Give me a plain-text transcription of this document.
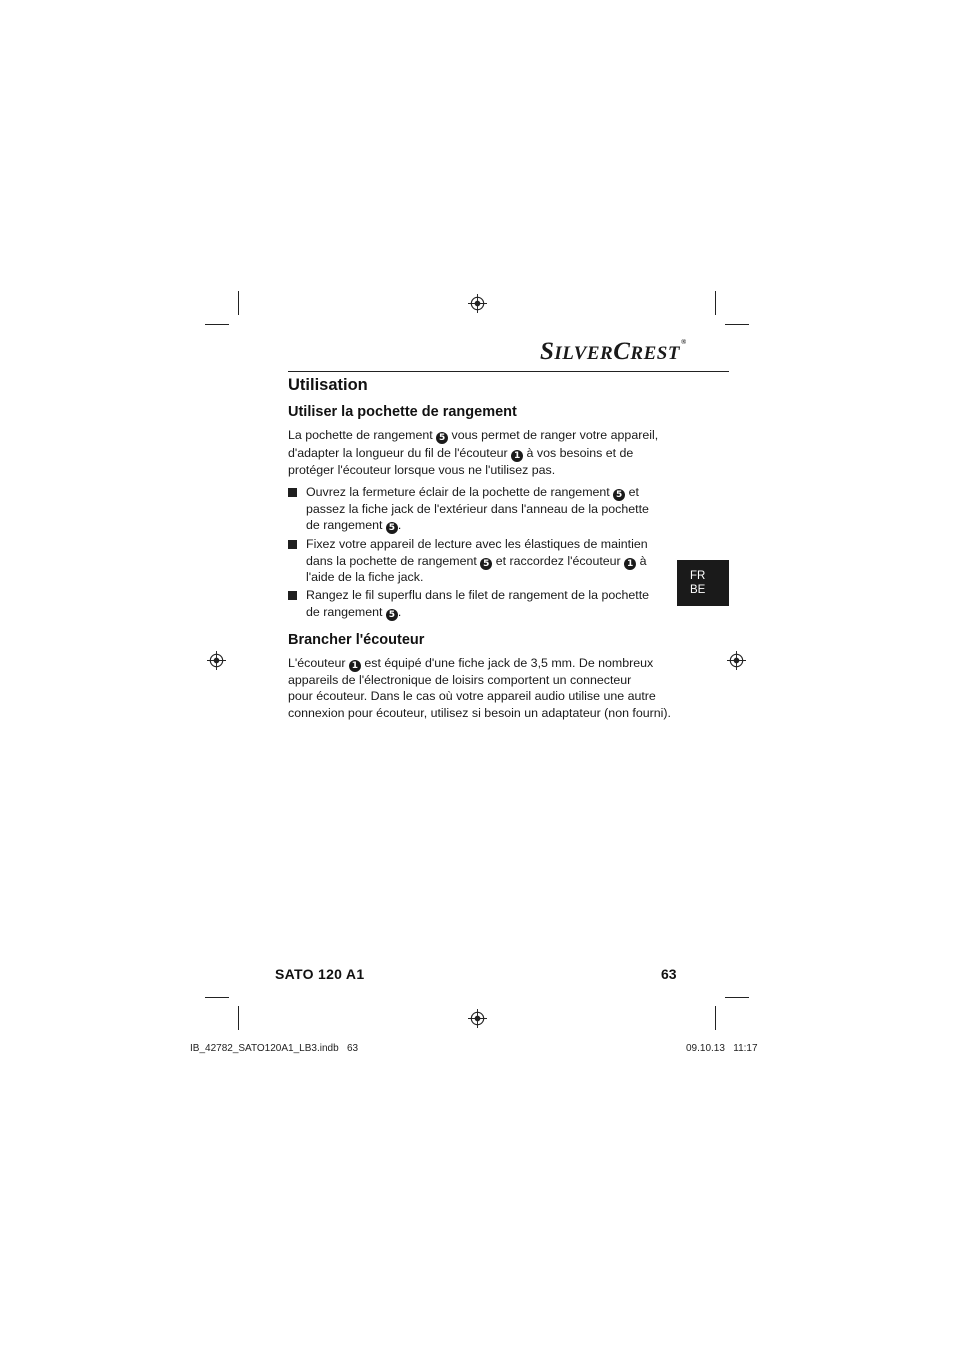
SILVERCREST®
Utilisation
FR
BE
Utiliser la pochette de rangement

La pochette de rangement 5 vous permet de ranger votre appareil,

d'adapter la longueur du fil de l'écouteur 1 à vos besoins et de

protéger l'écouteur lorsque vous ne l'utilisez pas.

Ouvrez la fermeture éclair de la pochette de rangement 5 et

passez la fiche jack de l'extérieur dans l'anneau de la pochette

de rangement 5 .

Fixez votre appareil de lecture avec les élastiques de maintien

dans la pochette de rangement 5 et raccordez l'écouteur 1 à

l'aide de la fiche jack.

Rangez le fil superflu dans le filet de rangement de la pochette

de rangement 5 .

Brancher l'écouteur

L'écouteur 1 est équipé d'une fiche jack de 3,5 mm. De nombreux

appareils de l'électronique de loisirs comportent un connecteur

pour écouteur. Dans le cas où votre appareil audio utilise une autre

connexion pour écouteur, utilisez si besoin un adaptateur (non fourni).

SATO 120 A1	63
IB_42782_SATO120A1_LB3.indb   63	09.10.13   11:17
